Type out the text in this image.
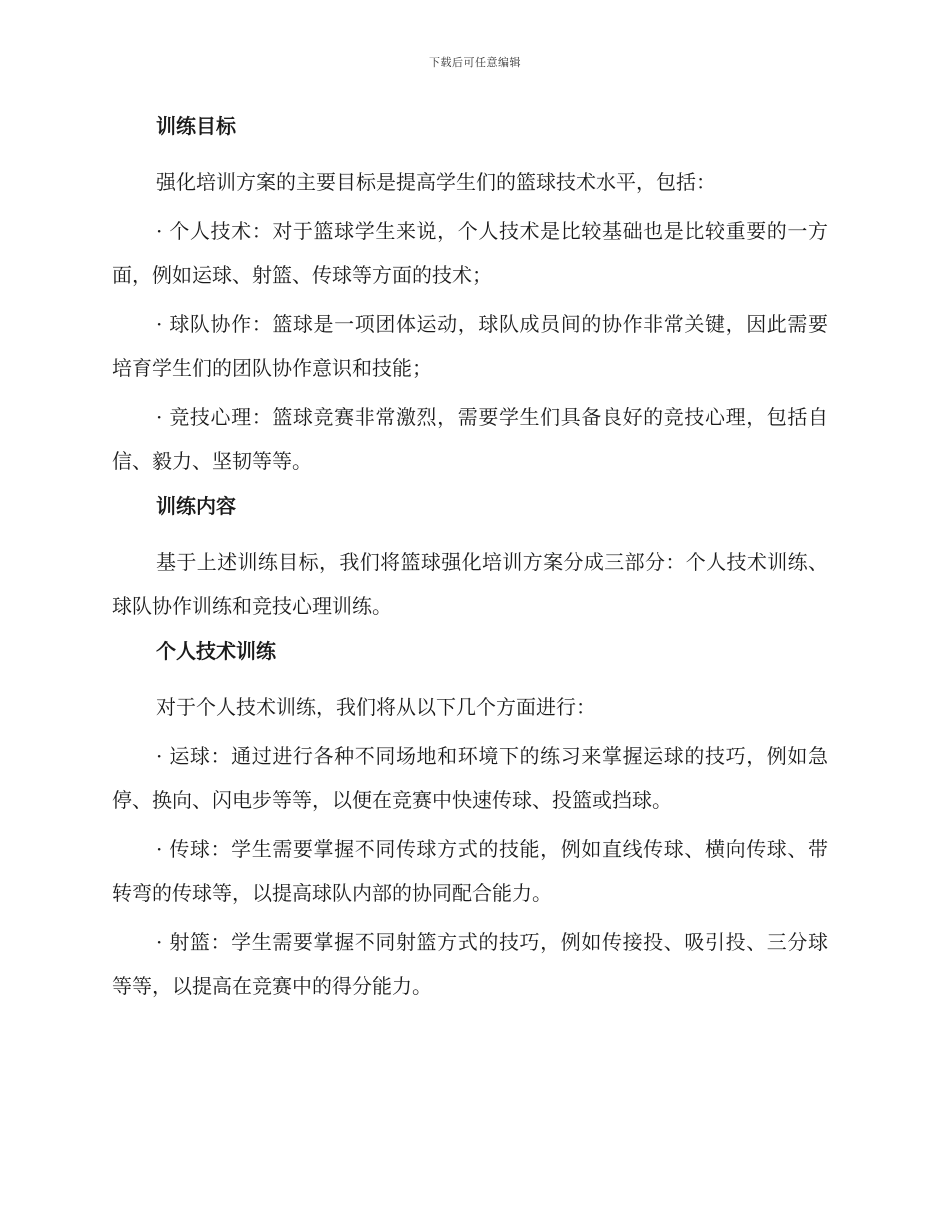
下载后可任意编辑
训练目标

强化培训方案的主要目标是提高学生们的篮球技术水平，包括：

· 个人技术：对于篮球学生来说，个人技术是比较基础也是比较重要的一方面，例如运球、射篮、传球等方面的技术；

· 球队协作：篮球是一项团体运动，球队成员间的协作非常关键，因此需要培育学生们的团队协作意识和技能；

· 竞技心理：篮球竞赛非常激烈，需要学生们具备良好的竞技心理，包括自信、毅力、坚韧等等。

训练内容

基于上述训练目标，我们将篮球强化培训方案分成三部分：个人技术训练、球队协作训练和竞技心理训练。

个人技术训练

对于个人技术训练，我们将从以下几个方面进行：

· 运球：通过进行各种不同场地和环境下的练习来掌握运球的技巧，例如急停、换向、闪电步等等，以便在竞赛中快速传球、投篮或挡球。

· 传球：学生需要掌握不同传球方式的技能，例如直线传球、横向传球、带转弯的传球等，以提高球队内部的协同配合能力。

· 射篮：学生需要掌握不同射篮方式的技巧，例如传接投、吸引投、三分球等等，以提高在竞赛中的得分能力。
